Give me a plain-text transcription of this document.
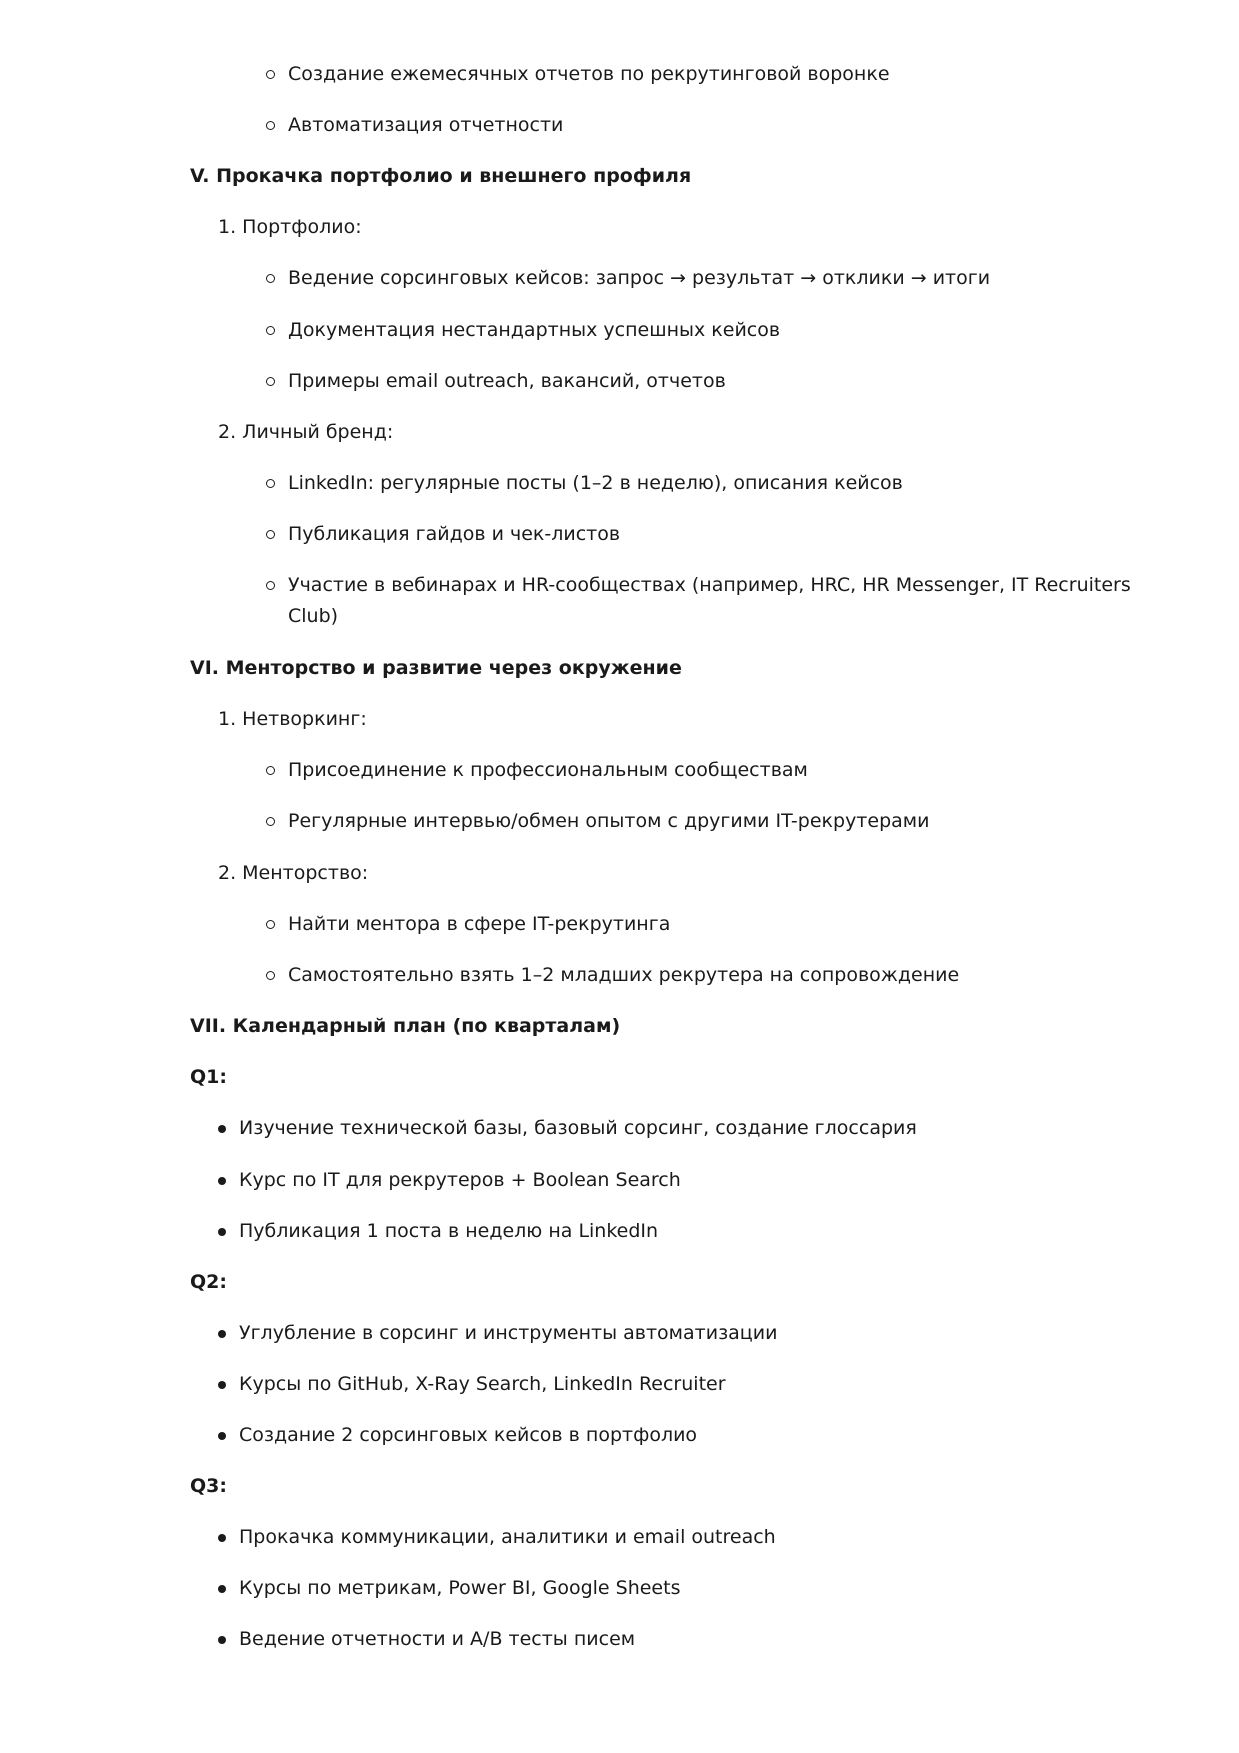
Создание ежемесячных отчетов по рекрутинговой воронке

Автоматизация отчетности

V. Прокачка портфолио и внешнего профиля

1. Портфолио:

Ведение сорсинговых кейсов: запрос → результат → отклики → итоги

Документация нестандартных успешных кейсов

Примеры email outreach, вакансий, отчетов

2. Личный бренд:

LinkedIn: регулярные посты (1–2 в неделю), описания кейсов

Публикация гайдов и чек-листов

Участие в вебинарах и HR-сообществах (например, HRC, HR Messenger, IT Recruiters

Club)

VI. Менторство и развитие через окружение

1. Нетворкинг:

Присоединение к профессиональным сообществам

Регулярные интервью/обмен опытом с другими IT-рекрутерами

2. Менторство:

Найти ментора в сфере IT-рекрутинга

Самостоятельно взять 1–2 младших рекрутера на сопровождение

VII. Календарный план (по кварталам)

Q1:

Изучение технической базы, базовый сорсинг, создание глоссария

Курс по IT для рекрутеров + Boolean Search

Публикация 1 поста в неделю на LinkedIn

Q2:

Углубление в сорсинг и инструменты автоматизации

Курсы по GitHub, X-Ray Search, LinkedIn Recruiter

Создание 2 сорсинговых кейсов в портфолио

Q3:

Прокачка коммуникации, аналитики и email outreach

Курсы по метрикам, Power BI, Google Sheets

Ведение отчетности и A/B тесты писем
